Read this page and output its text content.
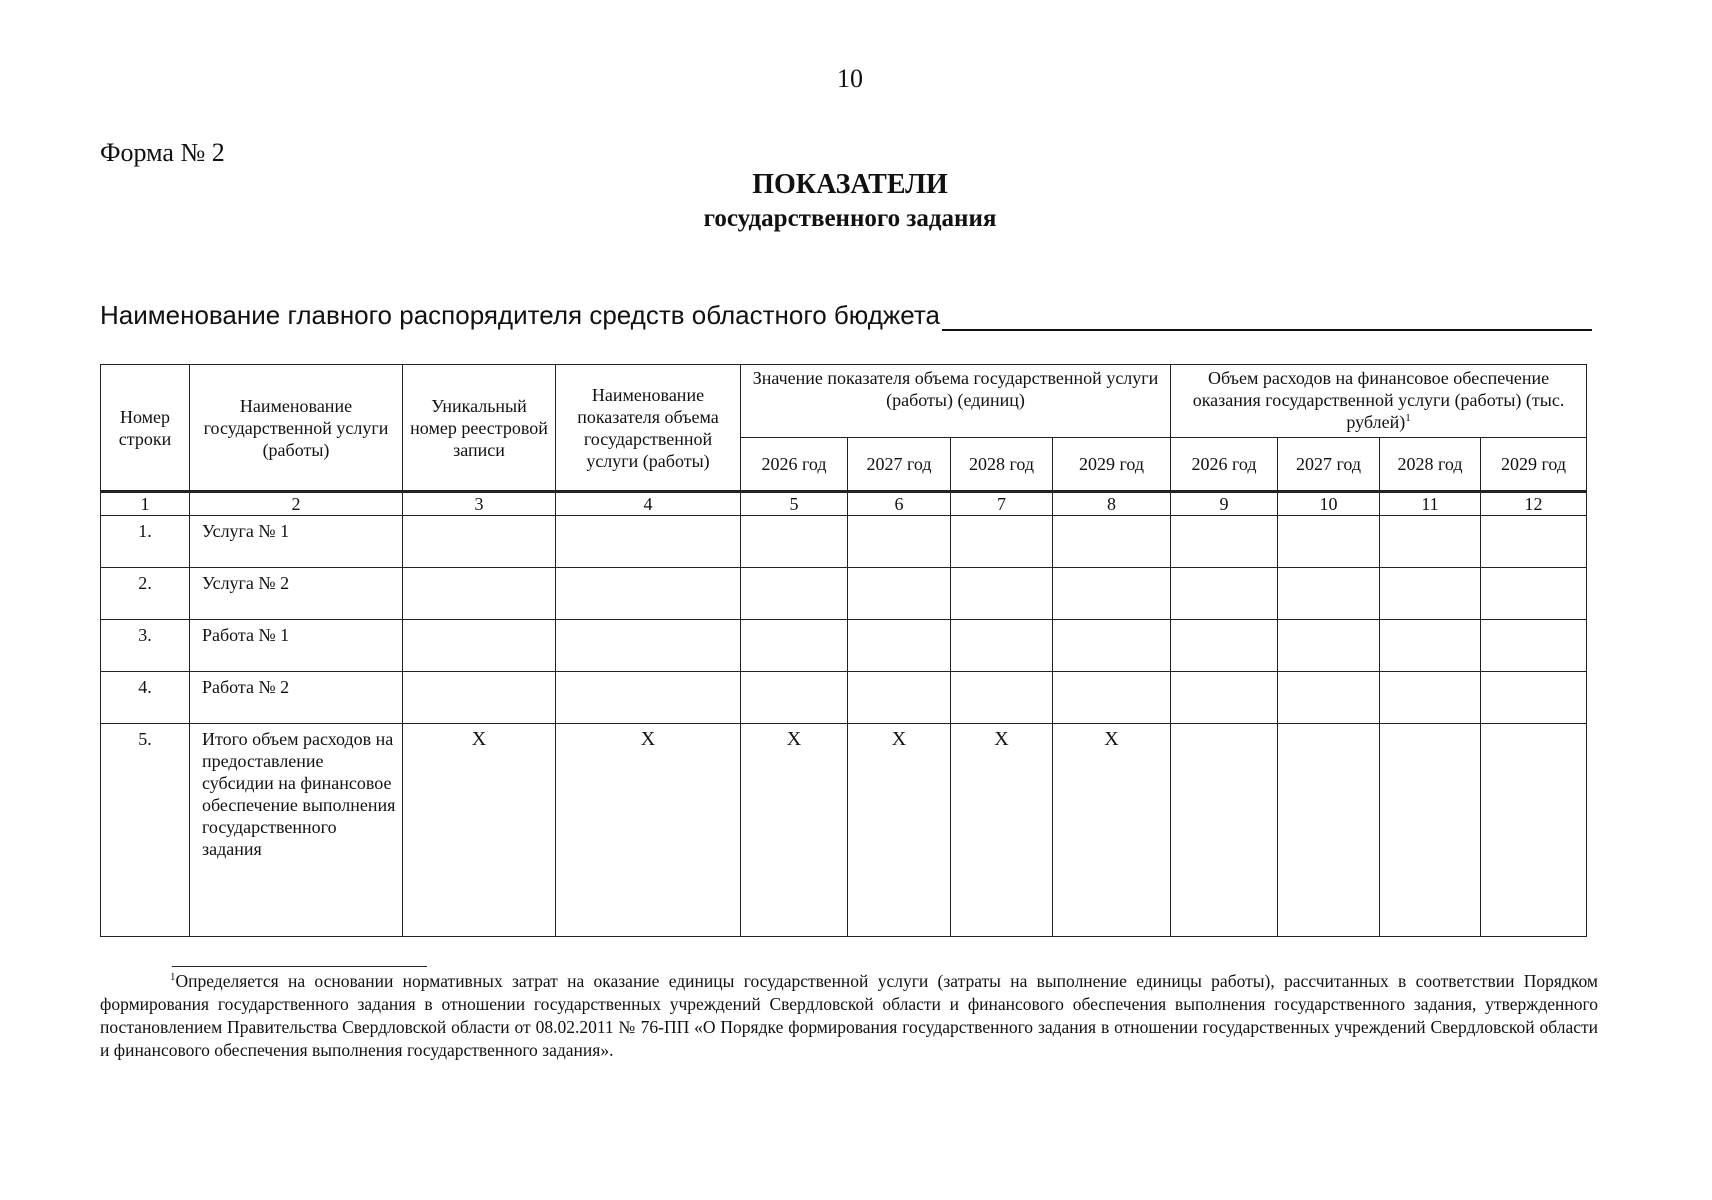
10
Форма № 2
ПОКАЗАТЕЛИ
государственного задания
Наименование главного распорядителя средств областного бюджета
Номер строки	Наименование государственной услуги (работы)	Уникальный номер реестровой записи	Наименование показателя объема государственной услуги (работы)	Значение показателя объема государственной услуги (работы) (единиц)				Объем расходов на финансовое обеспечение оказания государственной услуги (работы) (тыс. рублей)$^1$
				2026 год	2027 год	2028 год	2029 год	2026 год	2027 год	2028 год	2029 год
1	2	3	4	5	6	7	8	9	10	11	12
1.	Услуга № 1										
2.	Услуга № 2										
3.	Работа № 1										
4.	Работа № 2										
5.	Итого объем расходов на предоставление субсидии на финансовое обеспечение выполнения государственного задания	Х	Х	Х	Х	Х	Х				
$^1$Определяется на основании нормативных затрат на оказание единицы государственной услуги (затраты на выполнение единицы работы), рассчитанных в соответствии Порядком формирования государственного задания в отношении государственных учреждений Свердловской области и финансового обеспечения выполнения государственного задания, утвержденного постановлением Правительства Свердловской области от 08.02.2011 № 76-ПП «О Порядке формирования государственного задания в отношении государственных учреждений Свердловской области и финансового обеспечения выполнения государственного задания».
